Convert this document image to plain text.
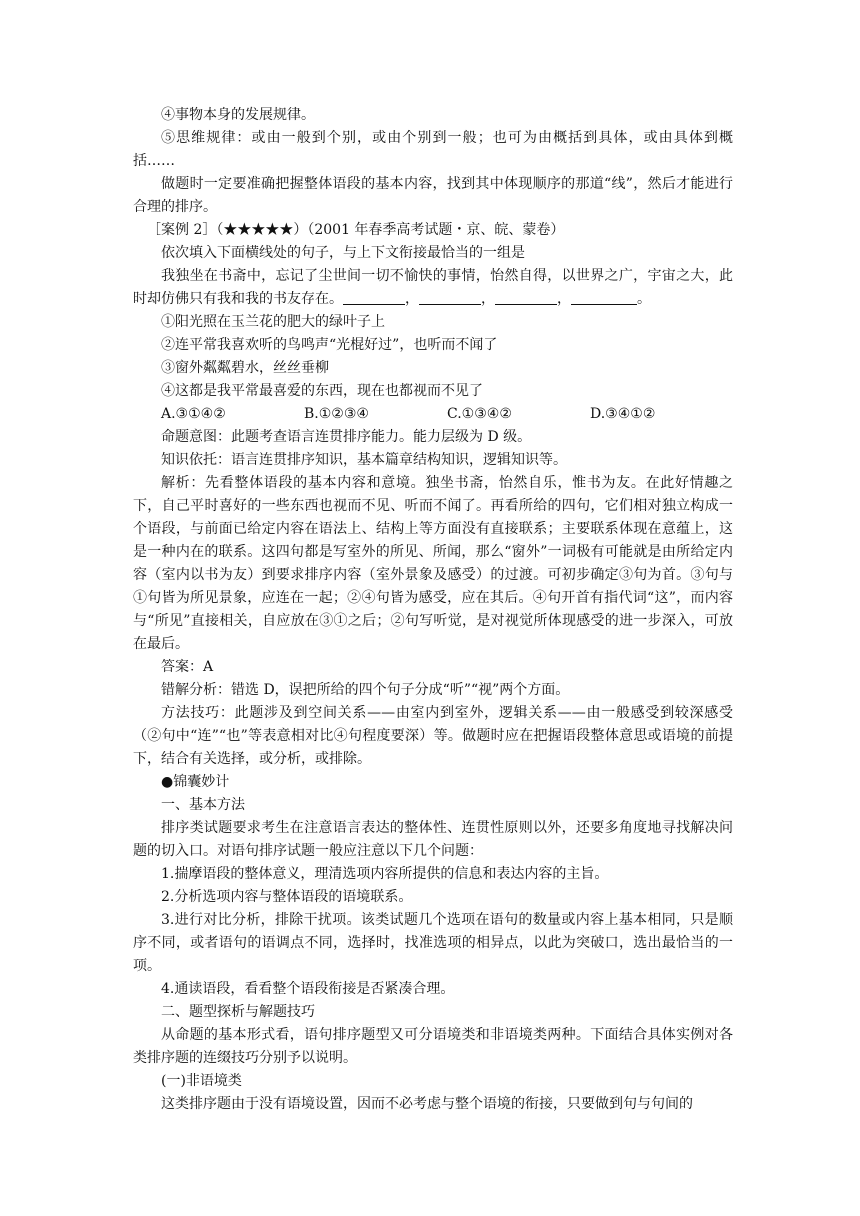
④事物本身的发展规律。

⑤思维规律：或由一般到个别，或由个别到一般；也可为由概括到具体，或由具体到概括……

做题时一定要准确把握整体语段的基本内容，找到其中体现顺序的那道“线”，然后才能进行合理的排序。

［案例 2］（★★★★★）（2001 年春季高考试题・京、皖、蒙卷）

依次填入下面横线处的句子，与上下文衔接最恰当的一组是

我独坐在书斋中，忘记了尘世间一切不愉快的事情，怡然自得，以世界之广，宇宙之大，此时却仿佛只有我和我的书友存在。	，	，	，	。

①阳光照在玉兰花的肥大的绿叶子上

②连平常我喜欢听的鸟鸣声“光棍好过”，也听而不闻了

③窗外粼粼碧水，丝丝垂柳

④这都是我平常最喜爱的东西，现在也都视而不见了

A.③①④②	B.①②③④	C.①③④②	D.③④①②

命题意图：此题考查语言连贯排序能力。能力层级为 D 级。

知识依托：语言连贯排序知识，基本篇章结构知识，逻辑知识等。

解析：先看整体语段的基本内容和意境。独坐书斋，怡然自乐，惟书为友。在此好情趣之下，自己平时喜好的一些东西也视而不见、听而不闻了。再看所给的四句，它们相对独立构成一个语段，与前面已给定内容在语法上、结构上等方面没有直接联系；主要联系体现在意蕴上，这是一种内在的联系。这四句都是写室外的所见、所闻，那么“窗外”一词极有可能就是由所给定内容（室内以书为友）到要求排序内容（室外景象及感受）的过渡。可初步确定③句为首。③句与①句皆为所见景象，应连在一起；②④句皆为感受，应在其后。④句开首有指代词“这”，而内容与“所见”直接相关，自应放在③①之后；②句写听觉，是对视觉所体现感受的进一步深入，可放在最后。

答案：A

错解分析：错选 D，误把所给的四个句子分成“听”“视”两个方面。

方法技巧：此题涉及到空间关系——由室内到室外，逻辑关系——由一般感受到较深感受（②句中“连”“也”等表意相对比④句程度要深）等。做题时应在把握语段整体意思或语境的前提下，结合有关选择，或分析，或排除。

●锦囊妙计

一、基本方法

排序类试题要求考生在注意语言表达的整体性、连贯性原则以外，还要多角度地寻找解决问题的切入口。对语句排序试题一般应注意以下几个问题：

1.揣摩语段的整体意义，理清选项内容所提供的信息和表达内容的主旨。

2.分析选项内容与整体语段的语境联系。

3.进行对比分析，排除干扰项。该类试题几个选项在语句的数量或内容上基本相同，只是顺序不同，或者语句的语调点不同，选择时，找准选项的相异点，以此为突破口，选出最恰当的一项。

4.通读语段，看看整个语段衔接是否紧凑合理。

二、题型探析与解题技巧

从命题的基本形式看，语句排序题型又可分语境类和非语境类两种。下面结合具体实例对各类排序题的连缀技巧分别予以说明。

(一)非语境类

这类排序题由于没有语境设置，因而不必考虑与整个语境的衔接，只要做到句与句间的
